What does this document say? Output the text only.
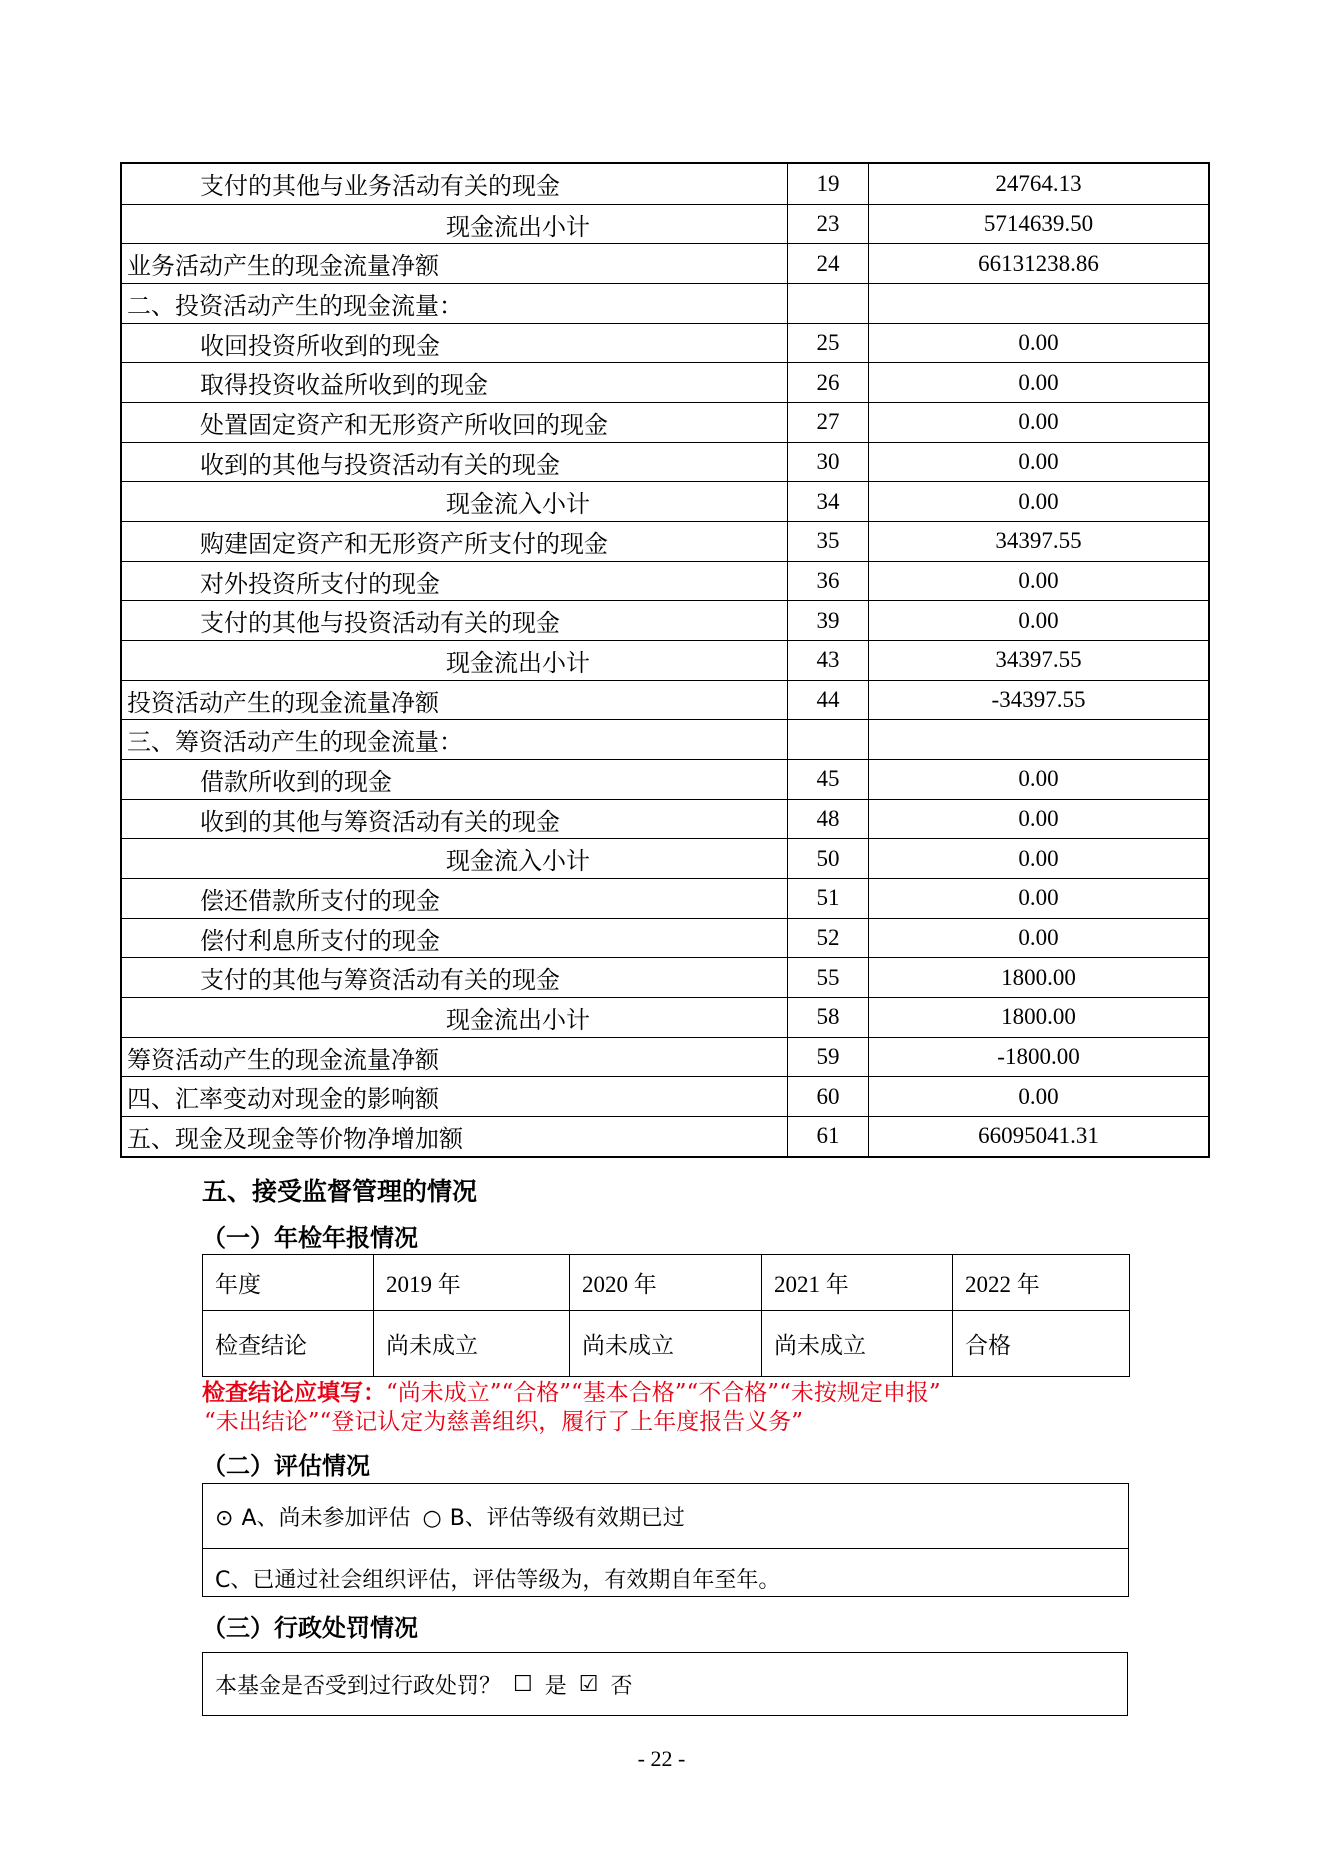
支付的其他与业务活动有关的现金	19	24764.13
现金流出小计	23	5714639.50
业务活动产生的现金流量净额	24	66131238.86
二、投资活动产生的现金流量：
收回投资所收到的现金	25	0.00
取得投资收益所收到的现金	26	0.00
处置固定资产和无形资产所收回的现金	27	0.00
收到的其他与投资活动有关的现金	30	0.00
现金流入小计	34	0.00
购建固定资产和无形资产所支付的现金	35	34397.55
对外投资所支付的现金	36	0.00
支付的其他与投资活动有关的现金	39	0.00
现金流出小计	43	34397.55
投资活动产生的现金流量净额	44	-34397.55
三、筹资活动产生的现金流量：
借款所收到的现金	45	0.00
收到的其他与筹资活动有关的现金	48	0.00
现金流入小计	50	0.00
偿还借款所支付的现金	51	0.00
偿付利息所支付的现金	52	0.00
支付的其他与筹资活动有关的现金	55	1800.00
现金流出小计	58	1800.00
筹资活动产生的现金流量净额	59	-1800.00
四、汇率变动对现金的影响额	60	0.00
五、现金及现金等价物净增加额	61	66095041.31
五、接受监督管理的情况
（一）年检年报情况
年度	2019 年	2020 年	2021 年	2022 年
检查结论	尚未成立	尚未成立	尚未成立	合格
检查结论应填写：“尚未成立”“合格”“基本合格”“不合格”“未按规定申报”
“未出结论”“登记认定为慈善组织，履行了上年度报告义务”
（二）评估情况
⊙ A、尚未参加评估 ○ B、评估等级有效期已过
C、已通过社会组织评估，评估等级为，有效期自年至年。
（三）行政处罚情况
本基金是否受到过行政处罚？ ☐ 是 ☑ 否
- 22 -
